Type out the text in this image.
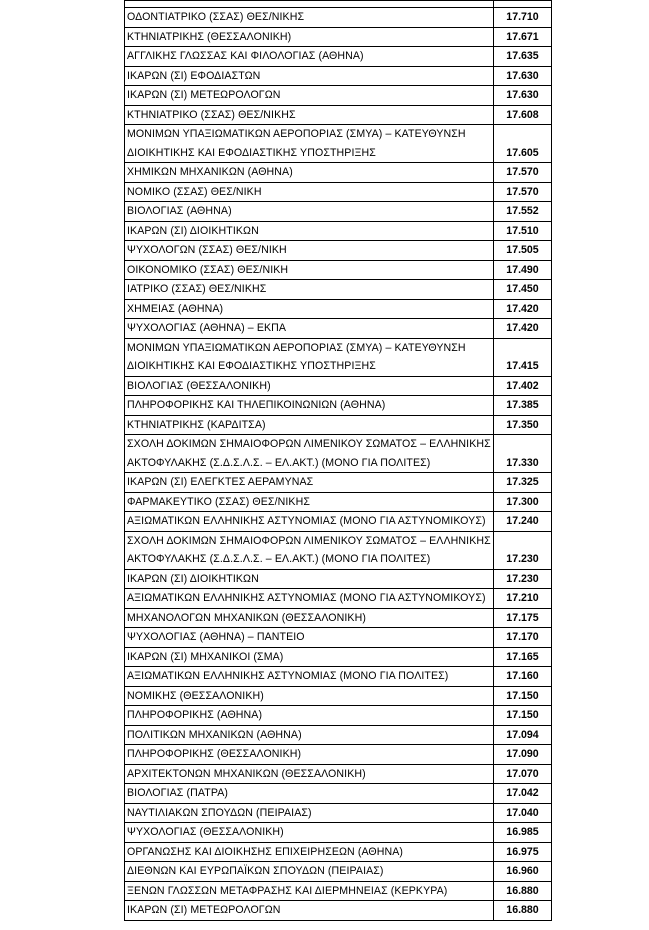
ΟΔΟΝΤΙΑΤΡΙΚΟ (ΣΣΑΣ) ΘΕΣ/ΝΙΚΗΣ	17.710
ΚΤΗΝΙΑΤΡΙΚΗΣ (ΘΕΣΣΑΛΟΝΙΚΗ)	17.671
ΑΓΓΛΙΚΗΣ ΓΛΩΣΣΑΣ ΚΑΙ ΦΙΛΟΛΟΓΙΑΣ (ΑΘΗΝΑ)	17.635
ΙΚΑΡΩΝ (ΣΙ) ΕΦΟΔΙΑΣΤΩΝ	17.630
ΙΚΑΡΩΝ (ΣΙ) ΜΕΤΕΩΡΟΛΟΓΩΝ	17.630
ΚΤΗΝΙΑΤΡΙΚΟ (ΣΣΑΣ) ΘΕΣ/ΝΙΚΗΣ	17.608
ΜΟΝΙΜΩΝ ΥΠΑΞΙΩΜΑΤΙΚΩΝ ΑΕΡΟΠΟΡΙΑΣ (ΣΜΥΑ) – ΚΑΤΕΥΘΥΝΣΗ ΔΙΟΙΚΗΤΙΚΗΣ ΚΑΙ ΕΦΟΔΙΑΣΤΙΚΗΣ ΥΠΟΣΤΗΡΙΞΗΣ	17.605
ΧΗΜΙΚΩΝ ΜΗΧΑΝΙΚΩΝ (ΑΘΗΝΑ)	17.570
ΝΟΜΙΚΟ (ΣΣΑΣ) ΘΕΣ/ΝΙΚΗ	17.570
ΒΙΟΛΟΓΙΑΣ (ΑΘΗΝΑ)	17.552
ΙΚΑΡΩΝ (ΣΙ) ΔΙΟΙΚΗΤΙΚΩΝ	17.510
ΨΥΧΟΛΟΓΩΝ (ΣΣΑΣ) ΘΕΣ/ΝΙΚΗ	17.505
ΟΙΚΟΝΟΜΙΚΟ (ΣΣΑΣ) ΘΕΣ/ΝΙΚΗ	17.490
ΙΑΤΡΙΚΟ (ΣΣΑΣ) ΘΕΣ/ΝΙΚΗΣ	17.450
ΧΗΜΕΙΑΣ (ΑΘΗΝΑ)	17.420
ΨΥΧΟΛΟΓΙΑΣ (ΑΘΗΝΑ) – ΕΚΠΑ	17.420
ΜΟΝΙΜΩΝ ΥΠΑΞΙΩΜΑΤΙΚΩΝ ΑΕΡΟΠΟΡΙΑΣ (ΣΜΥΑ) – ΚΑΤΕΥΘΥΝΣΗ ΔΙΟΙΚΗΤΙΚΗΣ ΚΑΙ ΕΦΟΔΙΑΣΤΙΚΗΣ ΥΠΟΣΤΗΡΙΞΗΣ	17.415
ΒΙΟΛΟΓΙΑΣ (ΘΕΣΣΑΛΟΝΙΚΗ)	17.402
ΠΛΗΡΟΦΟΡΙΚΗΣ ΚΑΙ ΤΗΛΕΠΙΚΟΙΝΩΝΙΩΝ (ΑΘΗΝΑ)	17.385
ΚΤΗΝΙΑΤΡΙΚΗΣ (ΚΑΡΔΙΤΣΑ)	17.350
ΣΧΟΛΗ ΔΟΚΙΜΩΝ ΣΗΜΑΙΟΦΟΡΩΝ ΛΙΜΕΝΙΚΟΥ ΣΩΜΑΤΟΣ – ΕΛΛΗΝΙΚΗΣ ΑΚΤΟΦΥΛΑΚΗΣ (Σ.Δ.Σ.Λ.Σ. – ΕΛ.ΑΚΤ.) (ΜΟΝΟ ΓΙΑ ΠΟΛΙΤΕΣ)	17.330
ΙΚΑΡΩΝ (ΣΙ) ΕΛΕΓΚΤΕΣ ΑΕΡΑΜΥΝΑΣ	17.325
ΦΑΡΜΑΚΕΥΤΙΚΟ (ΣΣΑΣ) ΘΕΣ/ΝΙΚΗΣ	17.300
ΑΞΙΩΜΑΤΙΚΩΝ ΕΛΛΗΝΙΚΗΣ ΑΣΤΥΝΟΜΙΑΣ (ΜΟΝΟ ΓΙΑ ΑΣΤΥΝΟΜΙΚΟΥΣ)	17.240
ΣΧΟΛΗ ΔΟΚΙΜΩΝ ΣΗΜΑΙΟΦΟΡΩΝ ΛΙΜΕΝΙΚΟΥ ΣΩΜΑΤΟΣ – ΕΛΛΗΝΙΚΗΣ ΑΚΤΟΦΥΛΑΚΗΣ (Σ.Δ.Σ.Λ.Σ. – ΕΛ.ΑΚΤ.) (ΜΟΝΟ ΓΙΑ ΠΟΛΙΤΕΣ)	17.230
ΙΚΑΡΩΝ (ΣΙ) ΔΙΟΙΚΗΤΙΚΩΝ	17.230
ΑΞΙΩΜΑΤΙΚΩΝ ΕΛΛΗΝΙΚΗΣ ΑΣΤΥΝΟΜΙΑΣ (ΜΟΝΟ ΓΙΑ ΑΣΤΥΝΟΜΙΚΟΥΣ)	17.210
ΜΗΧΑΝΟΛΟΓΩΝ ΜΗΧΑΝΙΚΩΝ (ΘΕΣΣΑΛΟΝΙΚΗ)	17.175
ΨΥΧΟΛΟΓΙΑΣ (ΑΘΗΝΑ) – ΠΑΝΤΕΙΟ	17.170
ΙΚΑΡΩΝ (ΣΙ) ΜΗΧΑΝΙΚΟΙ (ΣΜΑ)	17.165
ΑΞΙΩΜΑΤΙΚΩΝ ΕΛΛΗΝΙΚΗΣ ΑΣΤΥΝΟΜΙΑΣ (ΜΟΝΟ ΓΙΑ ΠΟΛΙΤΕΣ)	17.160
ΝΟΜΙΚΗΣ (ΘΕΣΣΑΛΟΝΙΚΗ)	17.150
ΠΛΗΡΟΦΟΡΙΚΗΣ (ΑΘΗΝΑ)	17.150
ΠΟΛΙΤΙΚΩΝ ΜΗΧΑΝΙΚΩΝ (ΑΘΗΝΑ)	17.094
ΠΛΗΡΟΦΟΡΙΚΗΣ (ΘΕΣΣΑΛΟΝΙΚΗ)	17.090
ΑΡΧΙΤΕΚΤΟΝΩΝ ΜΗΧΑΝΙΚΩΝ (ΘΕΣΣΑΛΟΝΙΚΗ)	17.070
ΒΙΟΛΟΓΙΑΣ (ΠΑΤΡΑ)	17.042
ΝΑΥΤΙΛΙΑΚΩΝ ΣΠΟΥΔΩΝ (ΠΕΙΡΑΙΑΣ)	17.040
ΨΥΧΟΛΟΓΙΑΣ (ΘΕΣΣΑΛΟΝΙΚΗ)	16.985
ΟΡΓΑΝΩΣΗΣ ΚΑΙ ΔΙΟΙΚΗΣΗΣ ΕΠΙΧΕΙΡΗΣΕΩΝ (ΑΘΗΝΑ)	16.975
ΔΙΕΘΝΩΝ ΚΑΙ ΕΥΡΩΠΑΪΚΩΝ ΣΠΟΥΔΩΝ (ΠΕΙΡΑΙΑΣ)	16.960
ΞΕΝΩΝ ΓΛΩΣΣΩΝ ΜΕΤΑΦΡΑΣΗΣ ΚΑΙ ΔΙΕΡΜΗΝΕΙΑΣ (ΚΕΡΚΥΡΑ)	16.880
ΙΚΑΡΩΝ (ΣΙ) ΜΕΤΕΩΡΟΛΟΓΩΝ	16.880
